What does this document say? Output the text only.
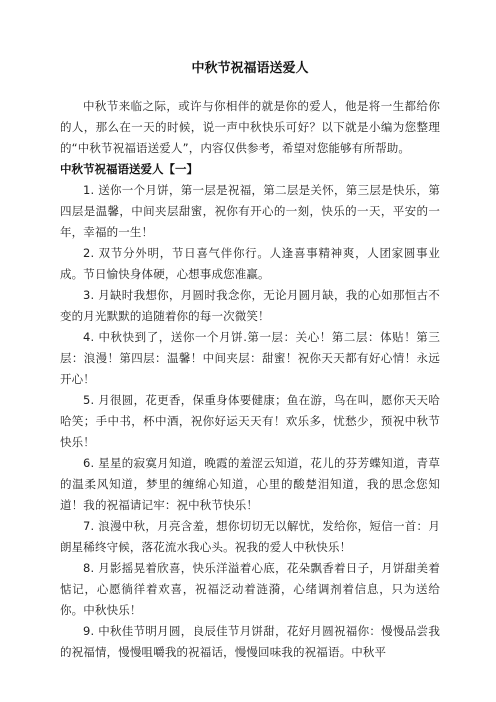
中秋节祝福语送爱人

中秋节来临之际，或许与你相伴的就是你的爱人，他是将一生都给你的人，那么在一天的时候，说一声中秋快乐可好？以下就是小编为您整理的“中秋节祝福语送爱人”，内容仅供参考，希望对您能够有所帮助。

中秋节祝福语送爱人【一】

1. 送你一个月饼，第一层是祝福，第二层是关怀，第三层是快乐，第四层是温馨，中间夹层甜蜜，祝你有开心的一刻，快乐的一天，平安的一年，幸福的一生！

2. 双节分外明，节日喜气伴你行。人逢喜事精神爽，人团家圆事业成。节日愉快身体硬，心想事成您准赢。

3. 月缺时我想你，月圆时我念你，无论月圆月缺，我的心如那恒古不变的月光默默的追随着你的每一次微笑！

4. 中秋快到了，送你一个月饼.第一层：关心！第二层：体贴！第三层：浪漫！第四层：温馨！中间夹层：甜蜜！祝你天天都有好心情！永远开心！

5. 月很圆，花更香，保重身体要健康；鱼在游，鸟在叫，愿你天天哈哈笑；手中书，杯中酒，祝你好运天天有！欢乐多，忧愁少，预祝中秋节快乐！

6. 星星的寂寞月知道，晚霞的羞涩云知道，花儿的芬芳蝶知道，青草的温柔风知道，梦里的缠绵心知道，心里的酸楚泪知道，我的思念您知道！我的祝福请记牢：祝中秋节快乐！

7. 浪漫中秋，月亮含羞，想你切切无以解忧，发给你，短信一首：月朗星稀终守候，落花流水我心头。祝我的爱人中秋快乐！

8. 月影摇晃着欣喜，快乐洋溢着心底，花朵飘香着日子，月饼甜美着惦记，心愿徜徉着欢喜，祝福泛动着涟漪，心绪调剂着信息，只为送给你。中秋快乐！

9. 中秋佳节明月圆，良辰佳节月饼甜，花好月圆祝福你：慢慢品尝我的祝福情，慢慢咀嚼我的祝福话，慢慢回味我的祝福语。中秋平
